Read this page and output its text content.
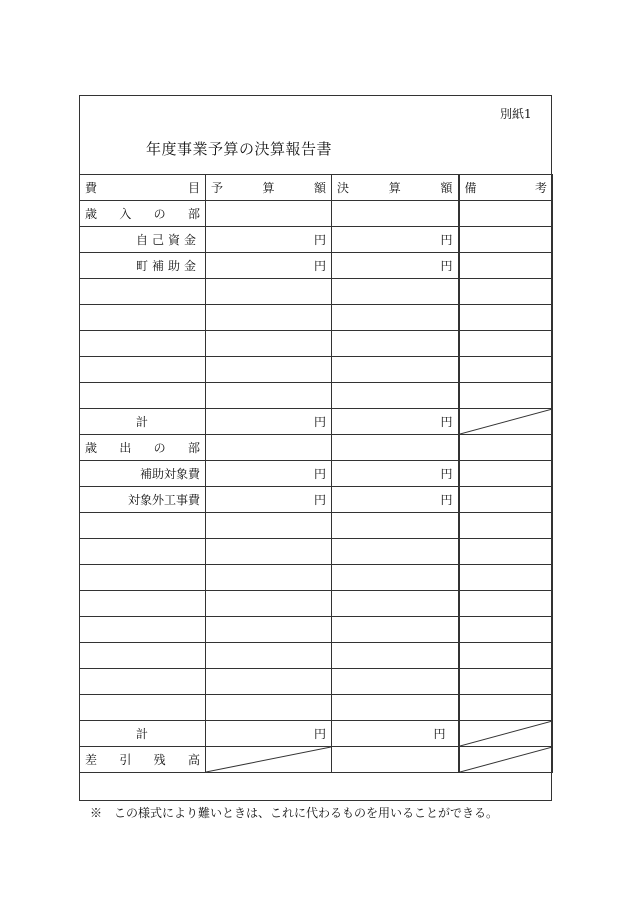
別紙1
年度事業予算の決算報告書
費 目	予 算 額	決 算 額	備 考

歳 入 の 部			

自己資金	円	円	
町補助金	円	円	

計	円	円	

歳 出 の 部			

補助対象費	円	円	
対象外工事費	円	円	

計	円	円	

差 引 残 高

※　この様式により難いときは、これに代わるものを用いることができる。
